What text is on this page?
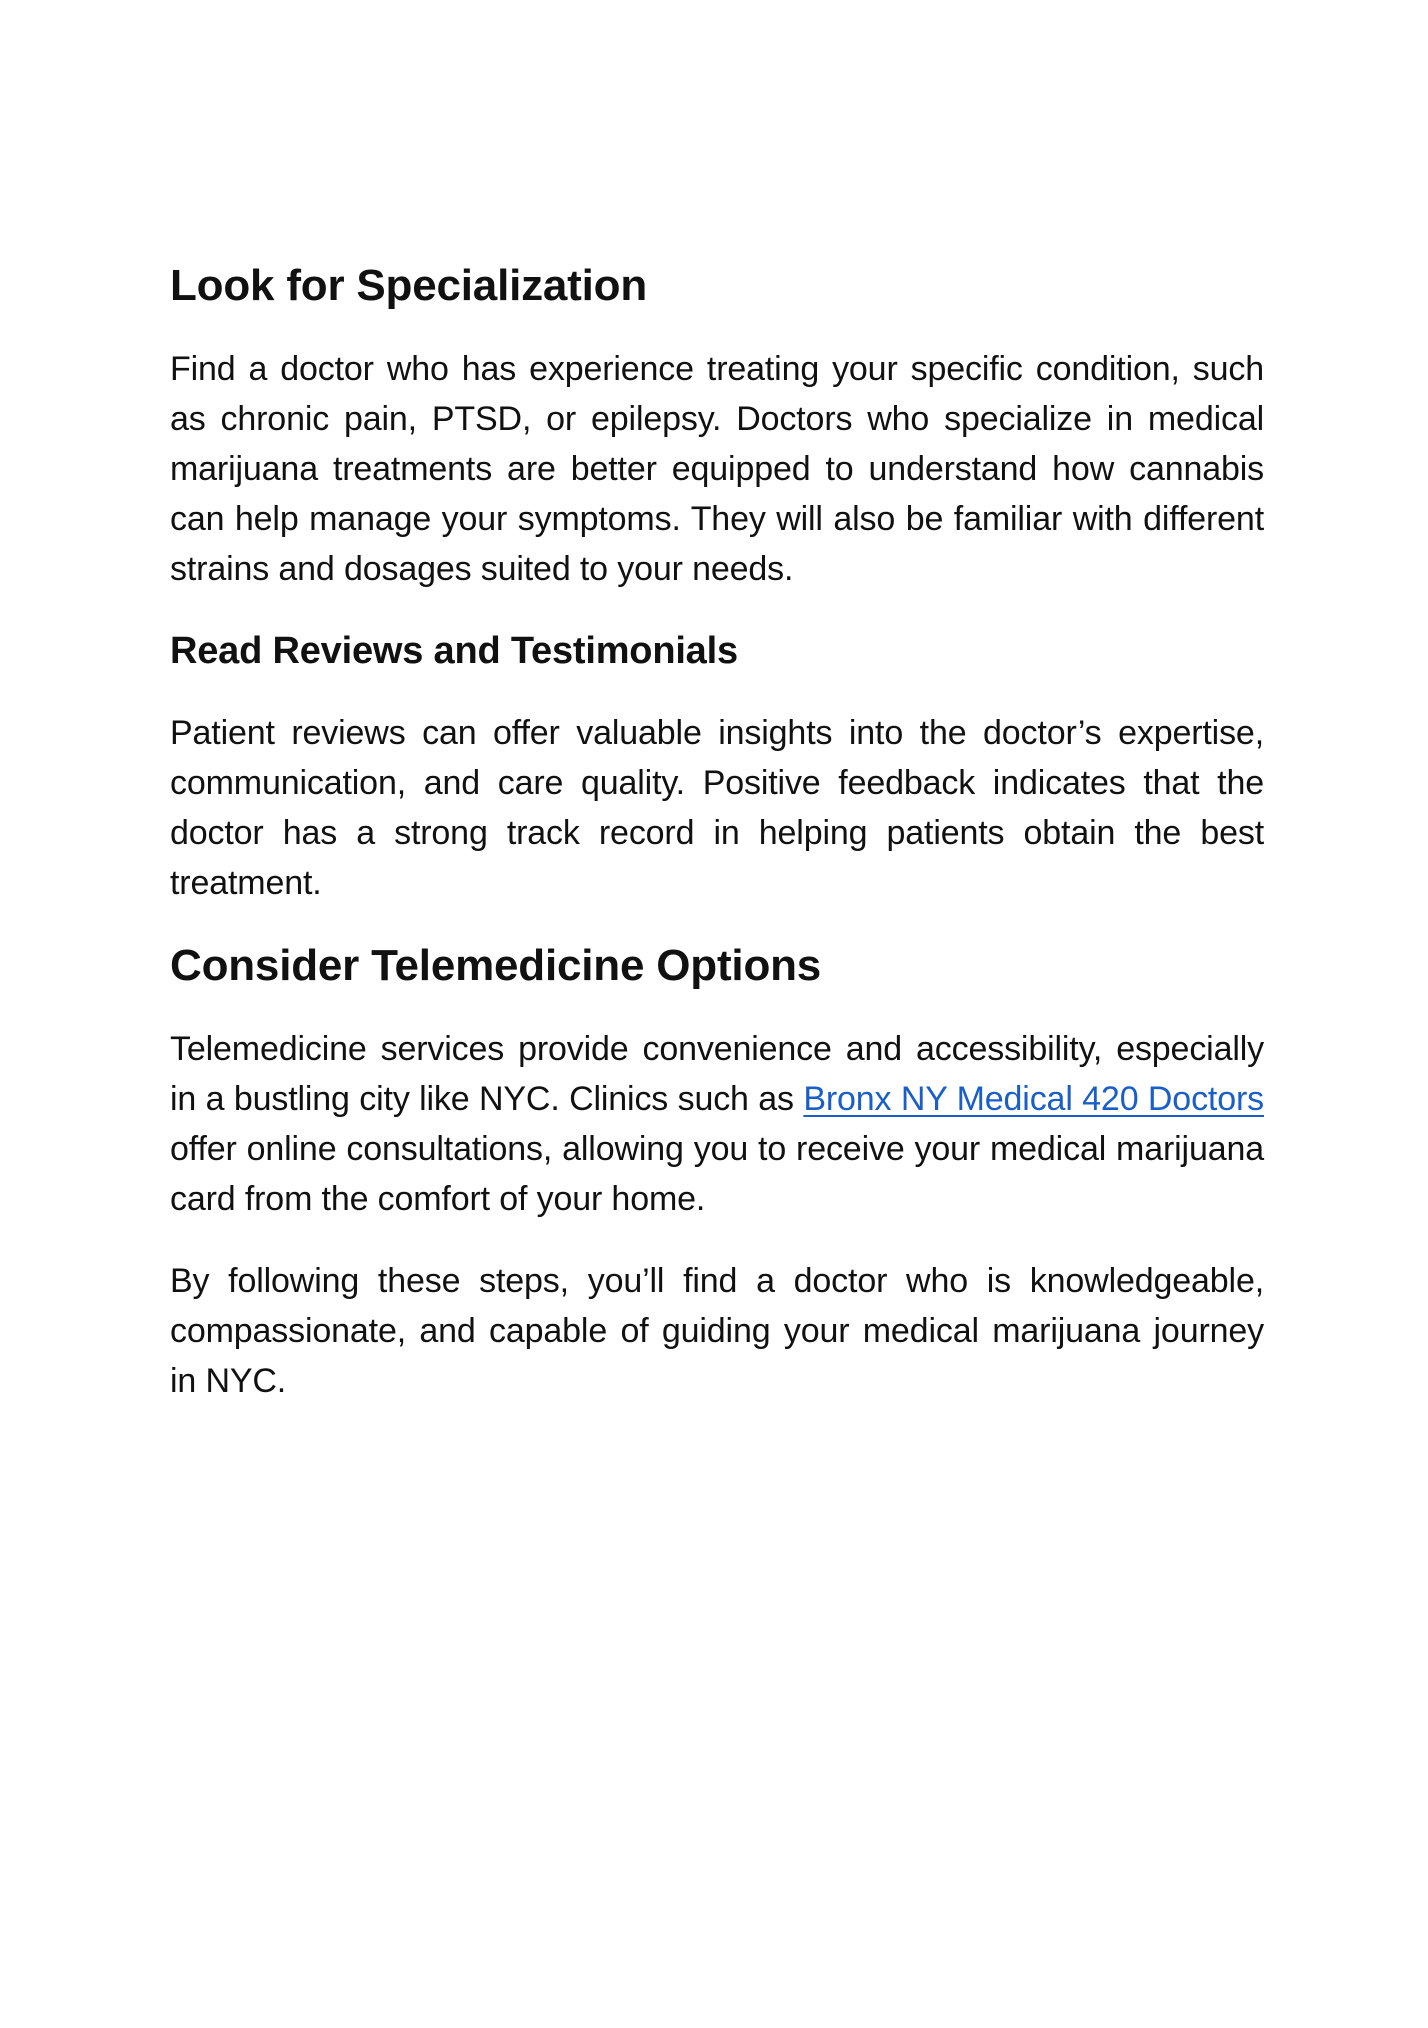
Look for Specialization

Find a doctor who has experience treating your specific condition, such as chronic pain, PTSD, or epilepsy. Doctors who specialize in medical marijuana treatments are better equipped to understand how cannabis can help manage your symptoms. They will also be familiar with different strains and dosages suited to your needs.

Read Reviews and Testimonials

Patient reviews can offer valuable insights into the doctor’s expertise, communication, and care quality. Positive feedback indicates that the doctor has a strong track record in helping patients obtain the best treatment.

Consider Telemedicine Options

Telemedicine services provide convenience and accessibility, especially in a bustling city like NYC. Clinics such as Bronx NY Medical 420 Doctors offer online consultations, allowing you to receive your medical marijuana card from the comfort of your home.

By following these steps, you’ll find a doctor who is knowledgeable, compassionate, and capable of guiding your medical marijuana journey in NYC.
